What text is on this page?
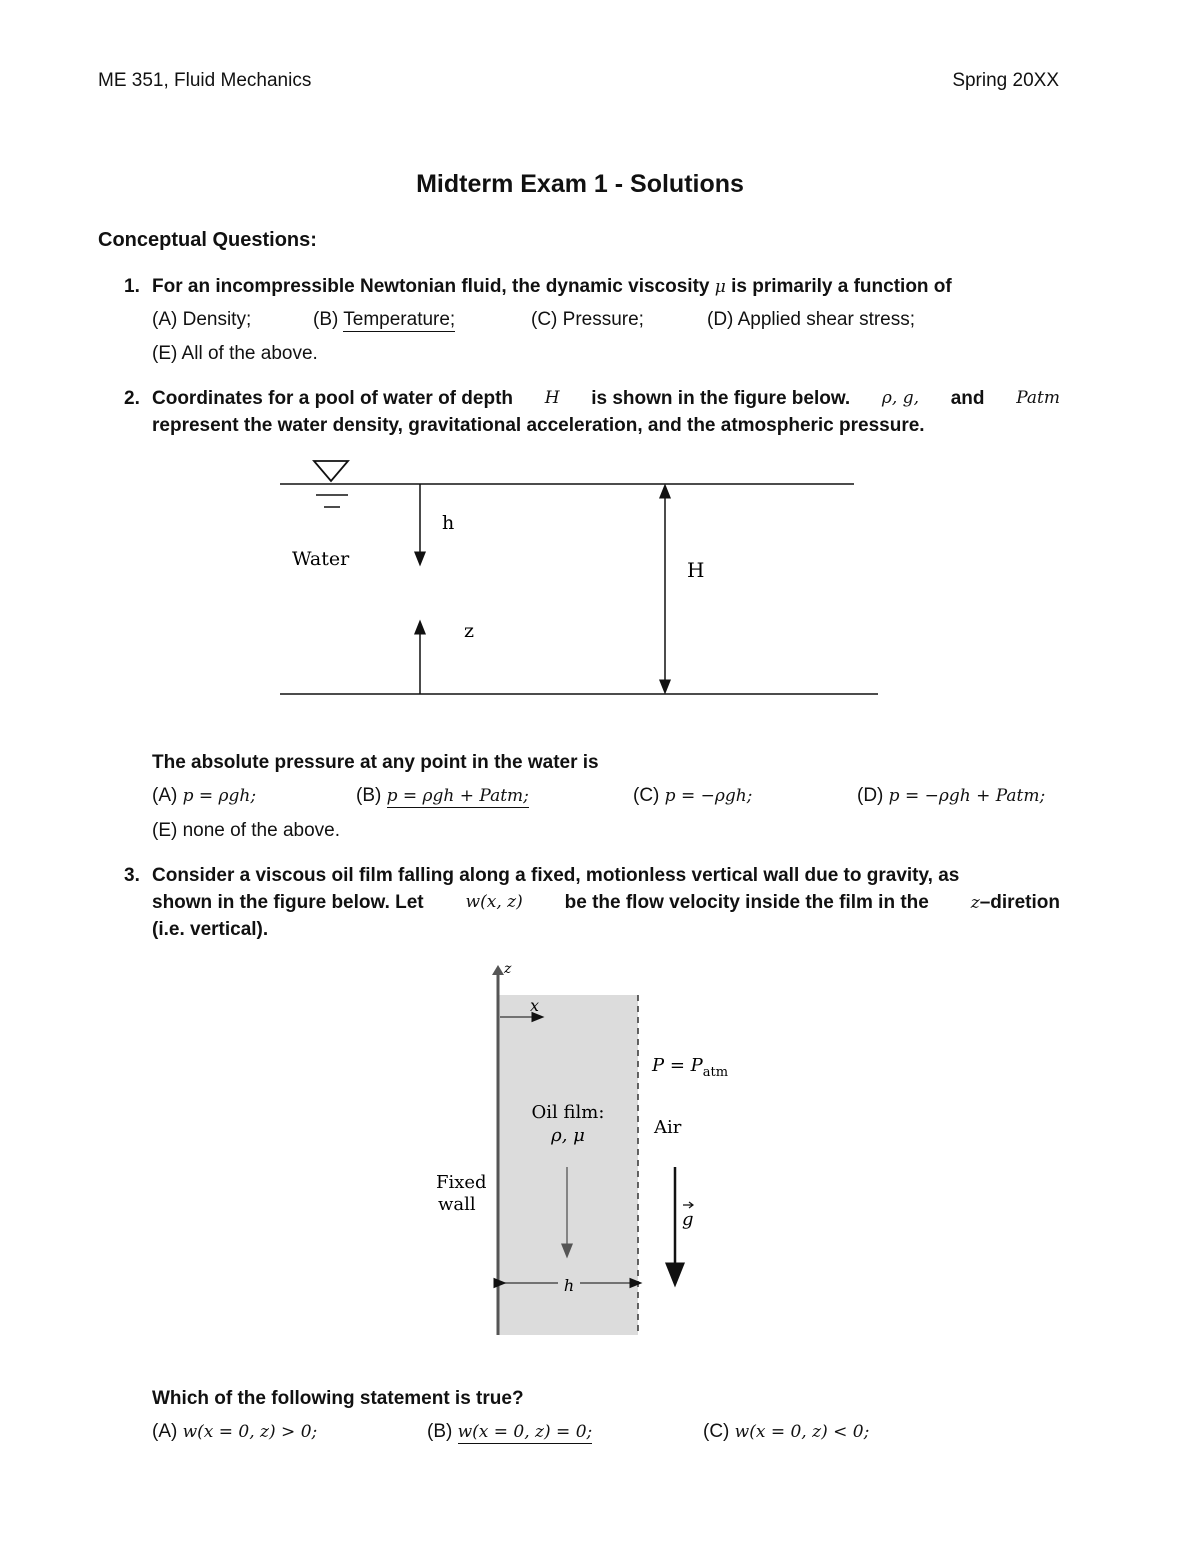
ME 351, Fluid Mechanics	Spring 20XX
Midterm Exam 1 - Solutions
Conceptual Questions:
1. For an incompressible Newtonian fluid, the dynamic viscosity μ is primarily a function of
(A) Density;	(B) Temperature;	(C) Pressure;	(D) Applied shear stress;
(E) All of the above.
2. Coordinates for a pool of water of depth H is shown in the figure below. ρ, g, and Patm
represent the water density, gravitational acceleration, and the atmospheric pressure.
Water
h
z
H
The absolute pressure at any point in the water is
(A) p = ρgh;	(B) p = ρgh + Patm;	(C) p = −ρgh;	(D) p = −ρgh + Patm;
(E) none of the above.
3. Consider a viscous oil film falling along a fixed, motionless vertical wall due to gravity, as
shown in the figure below. Let w(x, z) be the flow velocity inside the film in the z–diretion
(i.e. vertical).
z
x
$P = P_{atm}$
Oil film:
ρ, μ	Air
Fixed
wall
g
h
Which of the following statement is true?
(A) w(x = 0, z) > 0;	(B) w(x = 0, z) = 0;	(C) w(x = 0, z) < 0;
